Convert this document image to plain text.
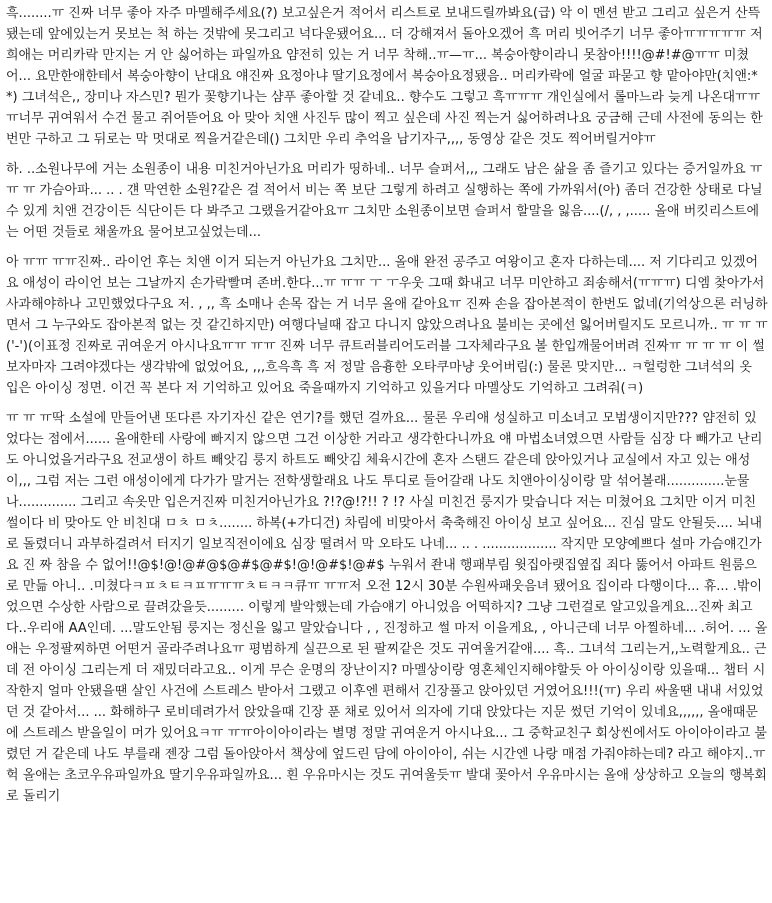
흑........ㅠ 진짜 너무 좋아 자주 마멜해주세요(?) 보고싶은거 적어서 리스트로 보내드릴까봐요(급) 악 이 멘션 받고 그리고 싶은거 산뜩 됐는데 앞에있는거 못보는 척 하는 것밖에 못그리고 넉다운됐어요... 더 강해져서 돌아오겠어 흑 머리 빗어주기 너무 좋아ㅠㅠㅠㅠㅠ 저희애는 머리카락 만지는 거 안 싫어하는 파일까요 얌전히 있는 거 너무 착해..ㅠ—ㅠ... 복숭아향이라니 못참아!!!!@#!#@ㅠㅠ 미쳤어... 요만한애한테서 복숭아향이 난대요 얘진짜 요정아냐 딸기요정에서 복숭아요정됐음.. 머리카락에 얼굴 파묻고 향 맡아야만(치앤:**) 그녀석은,, 장미나 자스민? 뭔가 꽃향기나는 샴푸 좋아할 것 같네요.. 향수도 그렇고 흑ㅠㅠㅠ 개인실에서 롤마느라 늦게 나온대ㅠㅠㅠ너무 귀여워서 수건 물고 쥐어뜯어요 아 맞아 치앤 사진두 많이 찍고 싶은데 사진 찍는거 싫어하려나요 궁금해 근데 사전에 동의는 한번만 구하고 그 뒤로는 막 멋대로 찍을거같은데() 그치만 우리 추억을 남기자구,,,, 동영상 같은 것도 찍어버릴거야ㅠ

하. ..소원나무에 거는 소원종이 내용 미친거아닌가요 머리가 띵하네.. 너무 슬퍼서,,, 그래도 남은 삶을 좀 즐기고 있다는 증거일까요 ㅠㅠ ㅠ 가슴아파... .. . 걘 막연한 소원?같은 걸 적어서 비는 쪽 보단 그렇게 하려고 실행하는 쪽에 가까워서(아) 좀더 건강한 상태로 다닐수 있게 치앤 건강이든 식단이든 다 봐주고 그랬을거같아요ㅠ 그치만 소원종이보면 슬퍼서 할말을 잃음....(/, , ,..... 올애 버킷리스트에는 어떤 것들로 채울까요 물어보고싶었는데...

아 ㅠㅠ ㅠㅠ진짜.. 라이언 후는 치앤 이거 되는거 아닌가요 그치만... 올애 완전 공주고 여왕이고 혼자 다하는데.... 저 기다리고 있겠어요 애성이 라이언 보는 그날까지 손가락빨며 존버.한다...ㅠ ㅠㅠ ㅜ ㅜ우웃 그때 화내고 너무 미안하고 죄송해서(ㅠㅠㅠ) 디엠 찾아가서 사과해야하나 고민했었다구요 저. , ,, 흑 소매나 손목 잡는 거 너무 올애 같아요ㅠ 진짜 손을 잡아본적이 한번도 없네(기억상으론 러닝하면서 그 누구와도 잡아본적 없는 것 같긴하지만) 여행다닐때 잡고 다니지 않았으려나요 불비는 곳에선 잃어버릴지도 모르니까.. ㅠ ㅠ ㅠ ('-')(이표정 진짜로 귀여운거 아시나요ㅠㅠ ㅠㅠ 진짜 너무 큐트러블리어도러블 그자체라구요 볼 한입깨물어버려 진짜ㅠ ㅠ ㅠ ㅠ 이 썰 보자마자 그려야겠다는 생각밖에 없었어요, ,,,흐윽흑 흑 저 정말 음흉한 오타쿠마냥 웃어버림(:) 물론 맞지만... ㅋ헐렁한 그녀석의 옷 입은 아이싱 정면. 이건 꼭 본다 저 기억하고 있어요 죽을때까지 기억하고 있을거다 마멜상도 기억하고 그려줘(ㅋ)

ㅠ ㅠ ㅠ딱 소설에 만들어낸 또다른 자기자신 같은 연기?를 했던 걸까요... 물론 우리애 성실하고 미소녀고 모범생이지만??? 얌전히 있었다는 점에서...... 올애한테 사랑에 빠지지 않으면 그건 이상한 거라고 생각한다니까요 얘 마법소녀였으면 사람들 심장 다 빼가고 난리도 아니었을거라구요 전교생이 하트 빼앗김 룽지 하트도 빼앗김 체육시간에 혼자 스탠드 같은데 앉아있거나 교실에서 자고 있는 애성이,,, 그럼 저는 그런 애성이에게 다가가 말거는 전학생할래요 나도 투디로 들어갈래 나도 치앤아이싱이랑 말 섞어볼래..............눈물나.............. 그리고 속옷만 입은거진짜 미친거아닌가요 ?!?@!?!! ? !? 사실 미친건 룽지가 맞습니다 저는 미쳤어요 그치만 이거 미친 썰이다 비 맞아도 안 비친대 ㅁㅊ ㅁㅊ........ 하복(+가디건) 차림에 비맞아서 축축해진 아이싱 보고 싶어요... 진심 말도 안될듯.... 뇌내로 돌렸더니 과부하걸려서 터지기 일보직전이에요 심장 떨려서 막 오타도 나네... .. . .................. 작지만 모양예쁘다 설마 가슴얘긴가요 진 짜 참을 수 없어!!@$!@!@#@$@#$@#$!@!@#$!@#$ 누워서 좐내 행패부림 윗집아랫집옆집 죄다 뚫어서 아파트 원룸으로 만듦 아니.. .미쳤다ㅋㅍㅊㅌㅋㅍㅠㅠㅠㅊㅌㅋㅋ큐ㅠ ㅠㅠ저 오전 12시 30분 수원싸패웃음녀 됐어요 집이라 다행이다... 휴... .밖이었으면 수상한 사람으로 끌려갔을듯......... 이렇게 발악했는데 가슴얘기 아니었음 어떡하지? 그냥 그런걸로 알고있을게요...진짜 최고다..우리애 AA인데. ...말도안됨 룽지는 정신을 잃고 말았습니다 , , 진정하고 썰 마저 이을게요, , 아니근데 너무 아찔하네... .허어. ... 올애는 우정팔찌하면 어떤거 골라주려나요ㅠ 평범하게 실끈으로 된 팔찌같은 것도 귀여울거같애.... 흑.. 그녀석 그리는거,,노력할게요.. 근데 전 아이싱 그리는게 더 재밌더라고요.. 이게 무슨 운명의 장난이지? 마멜상이랑 영혼체인지해야할듯 아 아이싱이랑 있을때... 챕터 시작한지 얼마 안됐을땐 살인 사건에 스트레스 받아서 그랬고 이후엔 편해서 긴장풀고 앉아있던 거였어요!!!(ㅠ) 우리 싸울땐 내내 서있었던 것 같아서... ... 화해하구 로비데려가서 앉았을때 긴장 푼 채로 있어서 의자에 기대 앉았다는 지문 썼던 기억이 있네요,,,,,, 올애때문에 스트레스 받을일이 머가 있어요ㅋㅠ ㅠㅠ아이아이라는 별명 정말 귀여운거 아시나요... 그 중학교친구 회상씬에서도 아이아이라고 불렸던 거 같은데 나도 부를래 젠장 그럼 돌아앉아서 책상에 엎드린 담에 아이아이, 쉬는 시간엔 나랑 매점 가줘야하는데? 라고 해야지..ㅠ 헉 올애는 초코우유파일까요 딸기우유파일까요... 흰 우유마시는 것도 귀여울듯ㅠ 발대 꽃아서 우유마시는 올애 상상하고 오늘의 행복회로 돌리기
